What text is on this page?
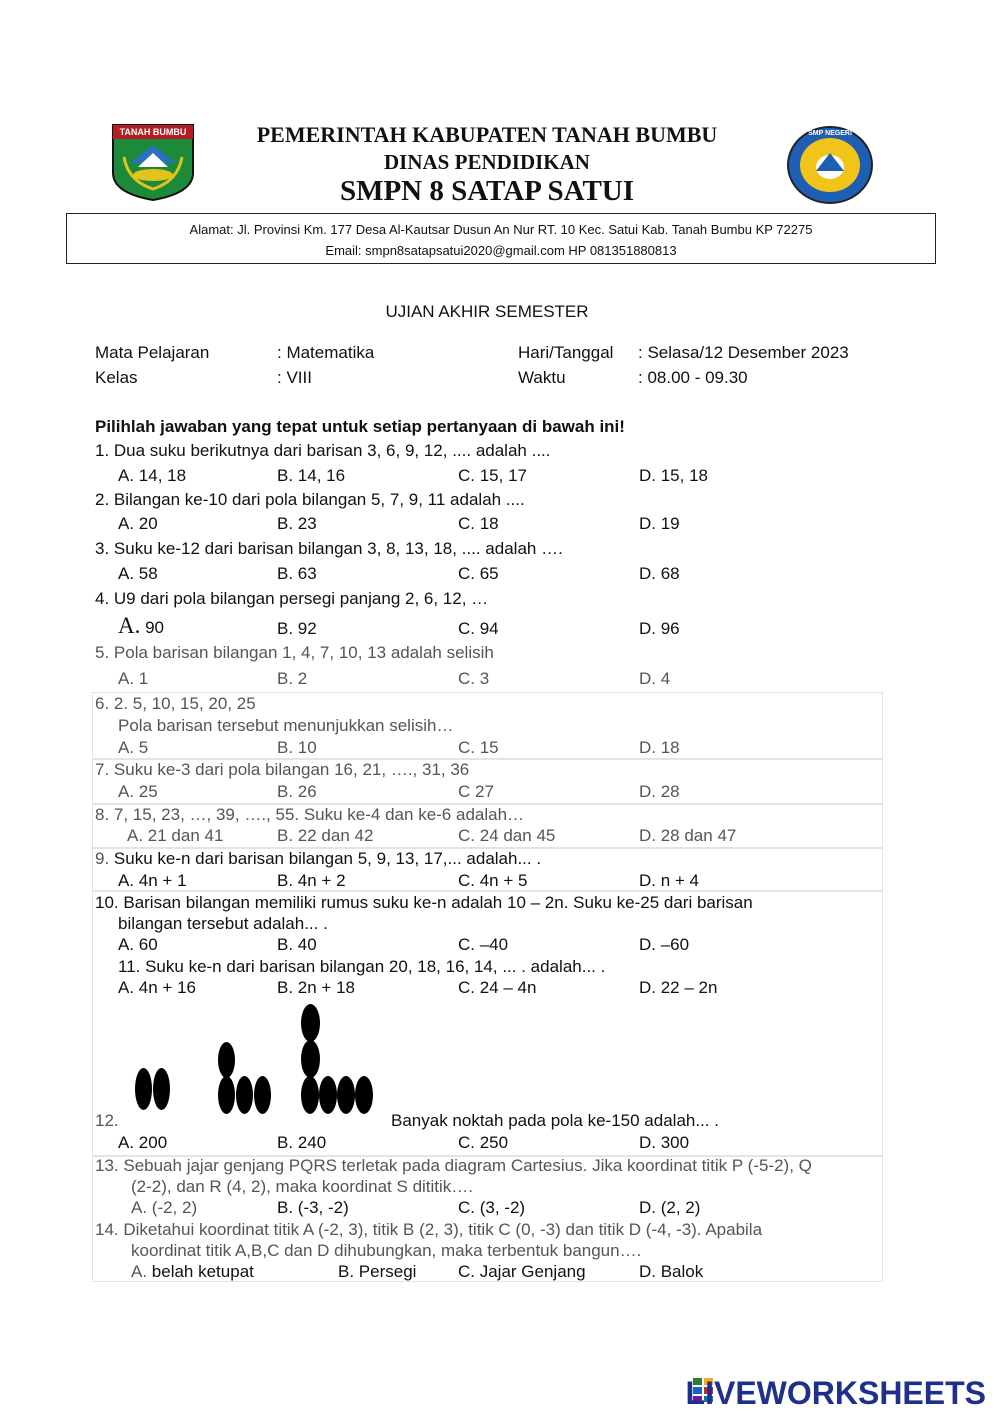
TANAH BUMBU	SMP NEGERI
PEMERINTAH KABUPATEN TANAH BUMBU
DINAS PENDIDIKAN
SMPN 8 SATAP SATUI
Alamat: Jl. Provinsi Km. 177 Desa Al-Kautsar Dusun An Nur RT. 10 Kec. Satui Kab. Tanah Bumbu KP 72275
Email: smpn8satapsatui2020@gmail.com HP 081351880813
UJIAN AKHIR SEMESTER
Mata Pelajaran	: Matematika	Hari/Tanggal : Selasa/12 Desember 2023
Kelas	: VIII	Waktu	: 08.00 - 09.30
Pilihlah jawaban yang tepat untuk setiap pertanyaan di bawah ini!
1. Dua suku berikutnya dari barisan 3, 6, 9, 12, .... adalah ....
A. 14, 18	B. 14, 16	C. 15, 17	D. 15, 18
2. Bilangan ke-10 dari pola bilangan 5, 7, 9, 11 adalah ....
A. 20	B. 23	C. 18	D. 19
3. Suku ke-12 dari barisan bilangan 3, 8, 13, 18, .... adalah ….
A. 58	B. 63	C. 65	D. 68
4. U9 dari pola bilangan persegi panjang 2, 6, 12, …
A. 90	B. 92	C. 94	D. 96
5. Pola barisan bilangan 1, 4, 7, 10, 13 adalah selisih
A. 1	B. 2	C. 3	D. 4
6. 2. 5, 10, 15, 20, 25
Pola barisan tersebut menunjukkan selisih…
A. 5	B. 10	C. 15	D. 18
7. Suku ke-3 dari pola bilangan 16, 21, …., 31, 36
A. 25	B. 26	C 27	D. 28
8. 7, 15, 23, …, 39, …., 55. Suku ke-4 dan ke-6 adalah…
A. 21 dan 41	B. 22 dan 42	C. 24 dan 45	D. 28 dan 47
9. Suku ke-n dari barisan bilangan 5, 9, 13, 17,... adalah... .
A. 4n + 1	B. 4n + 2	C. 4n + 5	D. n + 4
10. Barisan bilangan memiliki rumus suku ke-n adalah 10 – 2n. Suku ke-25 dari barisan
bilangan tersebut adalah... .
A. 60	B. 40	C. –40	D. –60
11. Suku ke-n dari barisan bilangan 20, 18, 16, 14, ... . adalah... .
A. 4n + 16	B. 2n + 18	C. 24 – 4n	D. 22 – 2n
12.	Banyak noktah pada pola ke-150 adalah... .
A. 200	B. 240	C. 250	D. 300
13. Sebuah jajar genjang PQRS terletak pada diagram Cartesius. Jika koordinat titik P (-5-2), Q
(2-2), dan R (4, 2), maka koordinat S dititik….
A. (-2, 2)	B. (-3, -2)	C. (3, -2)	D. (2, 2)
14. Diketahui koordinat titik A (-2, 3), titik B (2, 3), titik C (0, -3) dan titik D (-4, -3). Apabila
koordinat titik A,B,C dan D dihubungkan, maka terbentuk bangun….
A. belah ketupat	B. Persegi C. Jajar Genjang	D. Balok
LIVEWORKSHEETS
